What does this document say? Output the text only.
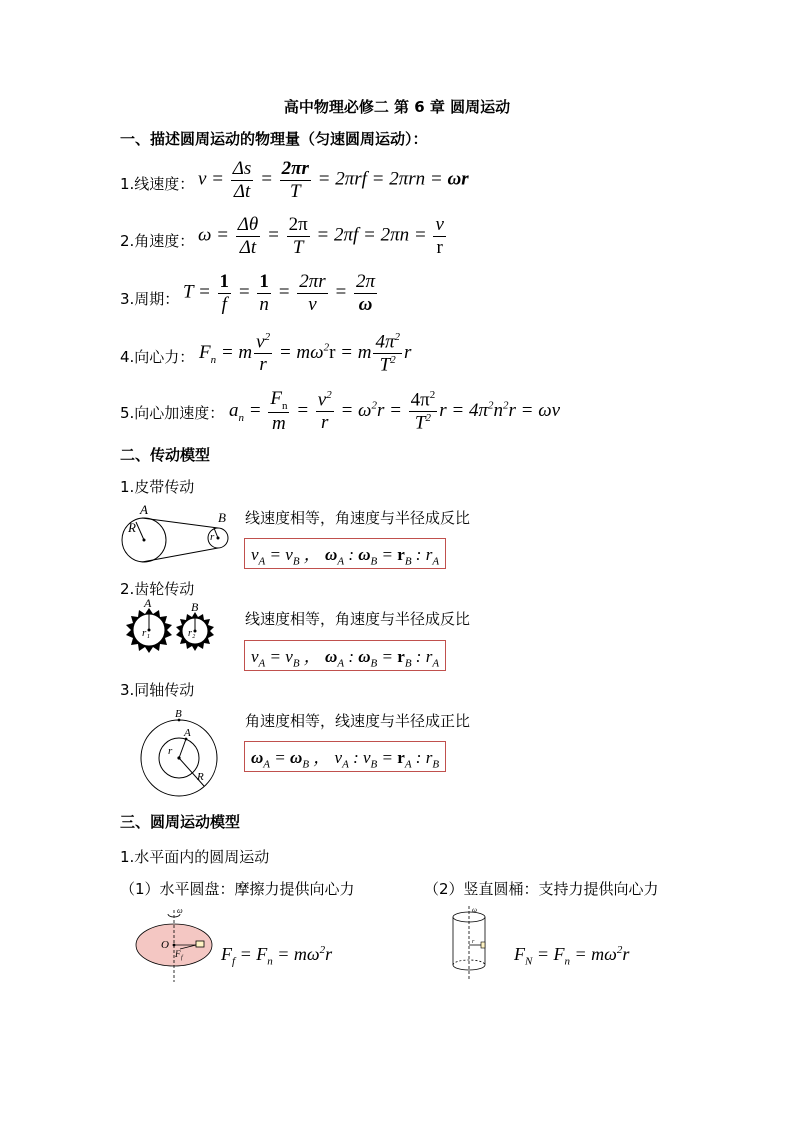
高中物理必修二 第 6 章 圆周运动
一、描述圆周运动的物理量（匀速圆周运动）：
1.线速度： $v = \frac{\Delta s}{\Delta t} = \frac{2\pi r}{T} = 2\pi rf = 2\pi rn = \omega r$
2.角速度： $\omega = \frac{\Delta\theta}{\Delta t} = \frac{2\pi}{T} = 2\pi f = 2\pi n = \frac{v}{r}$
3.周期： $T = \frac{1}{f} = \frac{1}{n} = \frac{2\pi r}{v} = \frac{2\pi}{\omega}$
4.向心力： $F_n = m \frac{v^2}{r} = m\omega^2r = m \frac{4\pi^2}{T^2}$ r
5.向心加速度： $a_n = \frac{F_n}{m} = \frac{v^2}{r} = \omega^2r = \frac{4\pi^2}{T^2}$ $r = 4\pi^2n^2r = \omega v$
二、传动模型
1.皮带传动
A
R
B
r
线速度相等，角速度与半径成反比
$v_A = v_B$ ， $\omega_A$ : $\omega_B = r_B$ : $r_A$
2.齿轮传动
A	B
r₁	r₂
线速度相等，角速度与半径成反比
$v_A = v_B$ ， $\omega_A$ : $\omega_B = r_B$ : $r_A$
3.同轴传动
B
A
r
R
角速度相等，线速度与半径成正比
$\omega_A = \omega_B$ ， $v_A$ : $v_B = r_A$ : $r_B$
三、圆周运动模型
1.水平面内的圆周运动
（1）水平圆盘：摩擦力提供向心力	（2）竖直圆桶：支持力提供向心力
ω
O
F f $F_f = F_n = m\omega^2r$
ω
r
$F_N = F_n = m\omega^2r$
